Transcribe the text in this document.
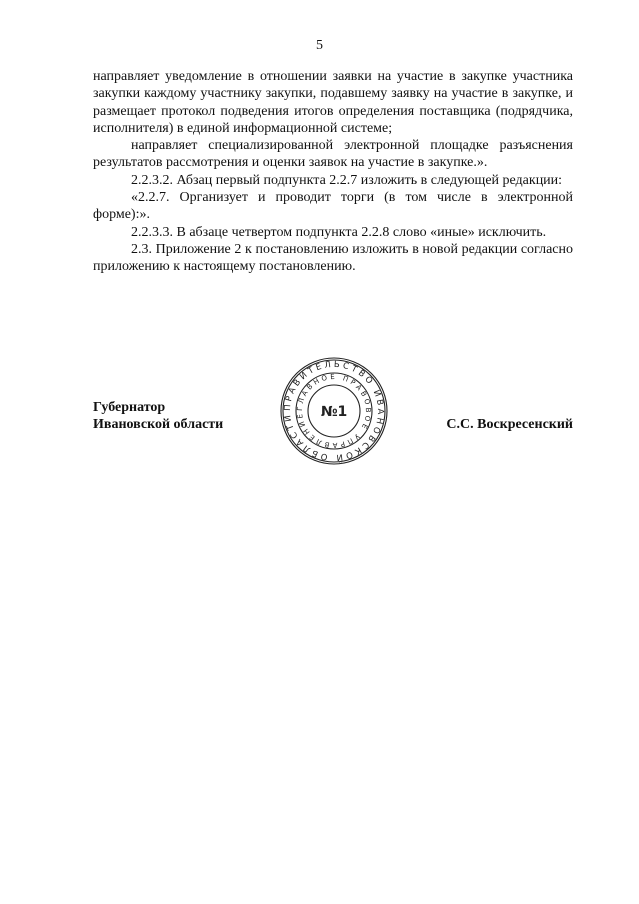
5

направляет уведомление в отношении заявки на участие в закупке участника закупки каждому участнику закупки, подавшему заявку на участие в закупке, и размещает протокол подведения итогов определения поставщика (подрядчика, исполнителя) в единой информационной системе;

направляет специализированной электронной площадке разъяснения результатов рассмотрения и оценки заявок на участие в закупке.».

2.2.3.2. Абзац первый подпункта 2.2.7 изложить в следующей редакции:

«2.2.7. Организует и проводит торги (в том числе в электронной форме):».

2.2.3.3. В абзаце четвертом подпункта 2.2.8 слово «иные» исключить.

2.3. Приложение 2 к постановлению изложить в новой редакции согласно приложению к настоящему постановлению.

Губернатор
Ивановской области
ПРАВИТЕЛЬСТВО ИВАНОВСКОЙ ОБЛАСТИ
ГЛАВНОЕ ПРАВОВОЕ УПРАВЛЕНИЕ	№1
С.С. Воскресенский
